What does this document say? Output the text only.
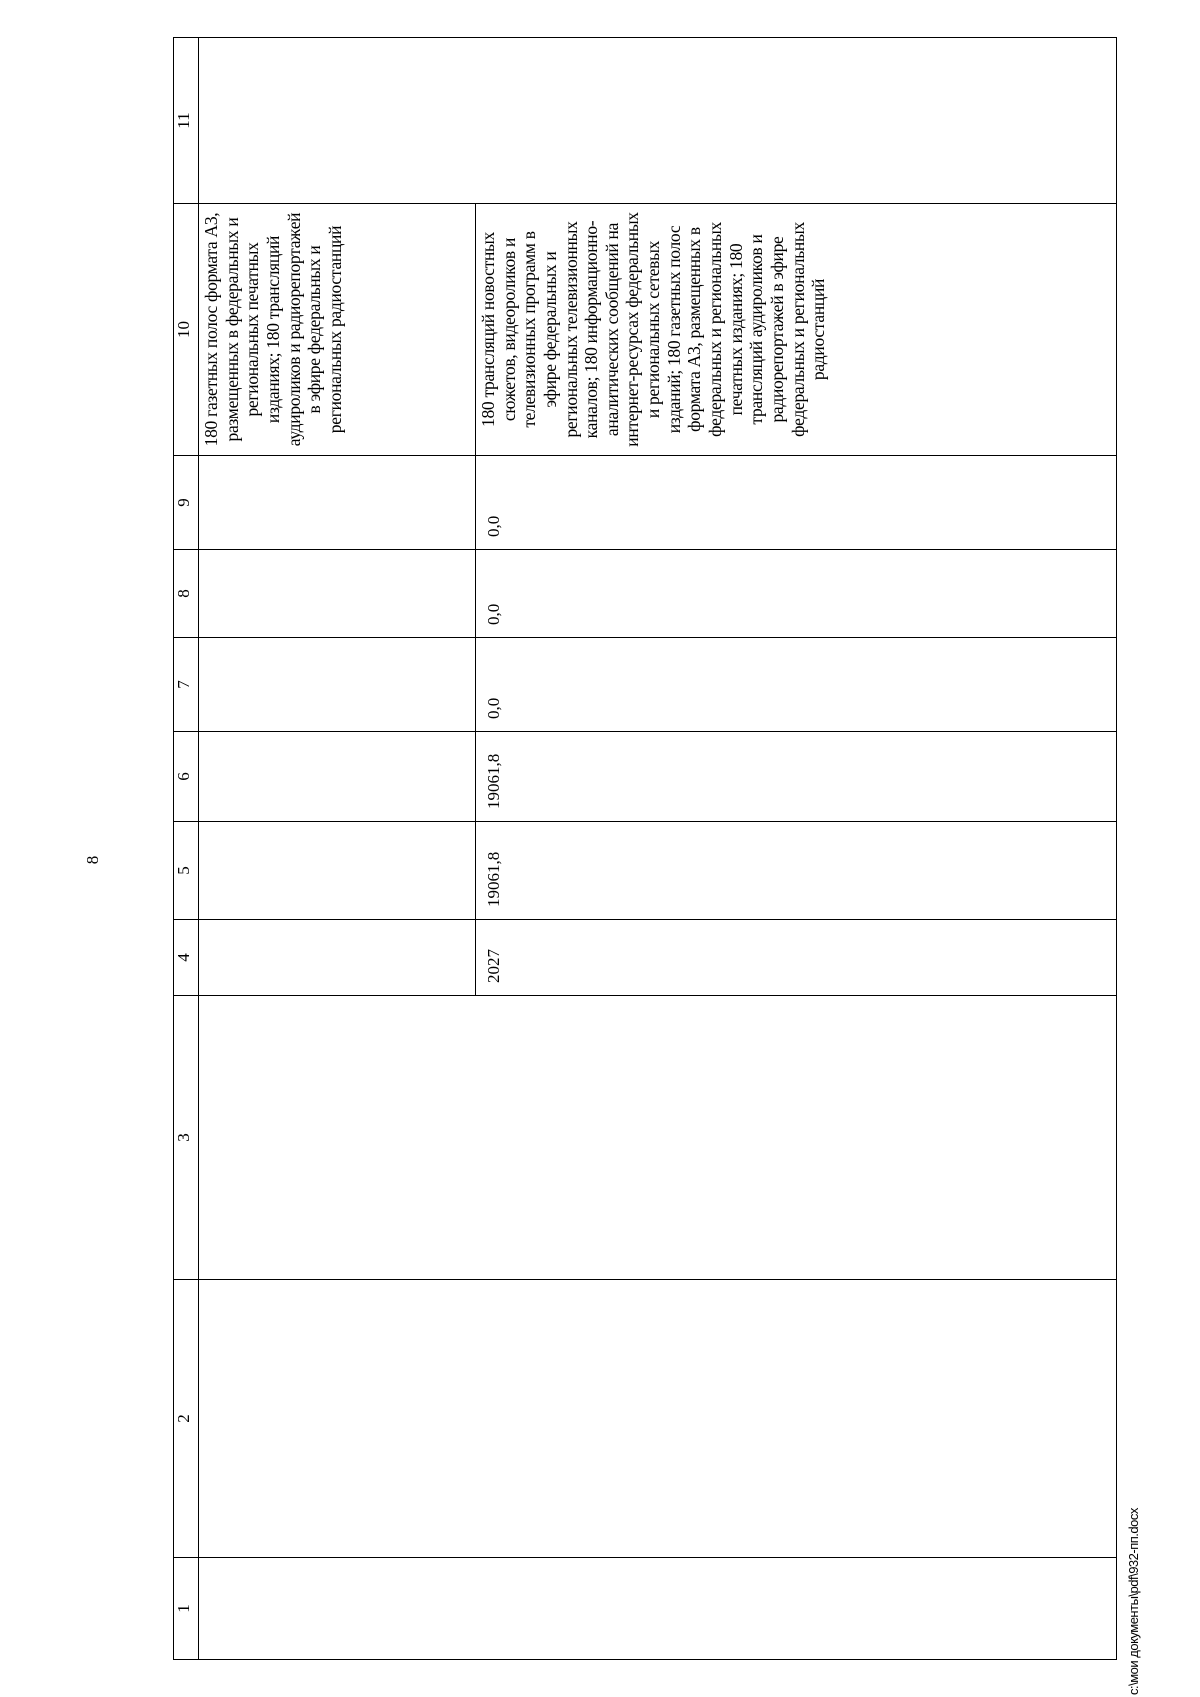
8
1	2	3	4	5	6	7	8	9	10	11
									180 газетных полос формата А3, размещенных в федеральных и региональных печатных изданиях; 180 трансляций аудироликов и радиорепортажей в эфире федеральных и региональных радиостанций	
			2027	19061,8	19061,8	0,0	0,0	0,0	180 трансляций новостных сюжетов, видеороликов и телевизионных программ в эфире федеральных и региональных телевизионных каналов; 180 информационно-аналитических сообщений на интернет-ресурсах федеральных и региональных сетевых изданий; 180 газетных полос формата А3, размещенных в федеральных и региональных печатных изданиях; 180 трансляций аудироликов и радиорепортажей в эфире федеральных и региональных радиостанций	
c:\мои документы\pdf\932-пп.docx
